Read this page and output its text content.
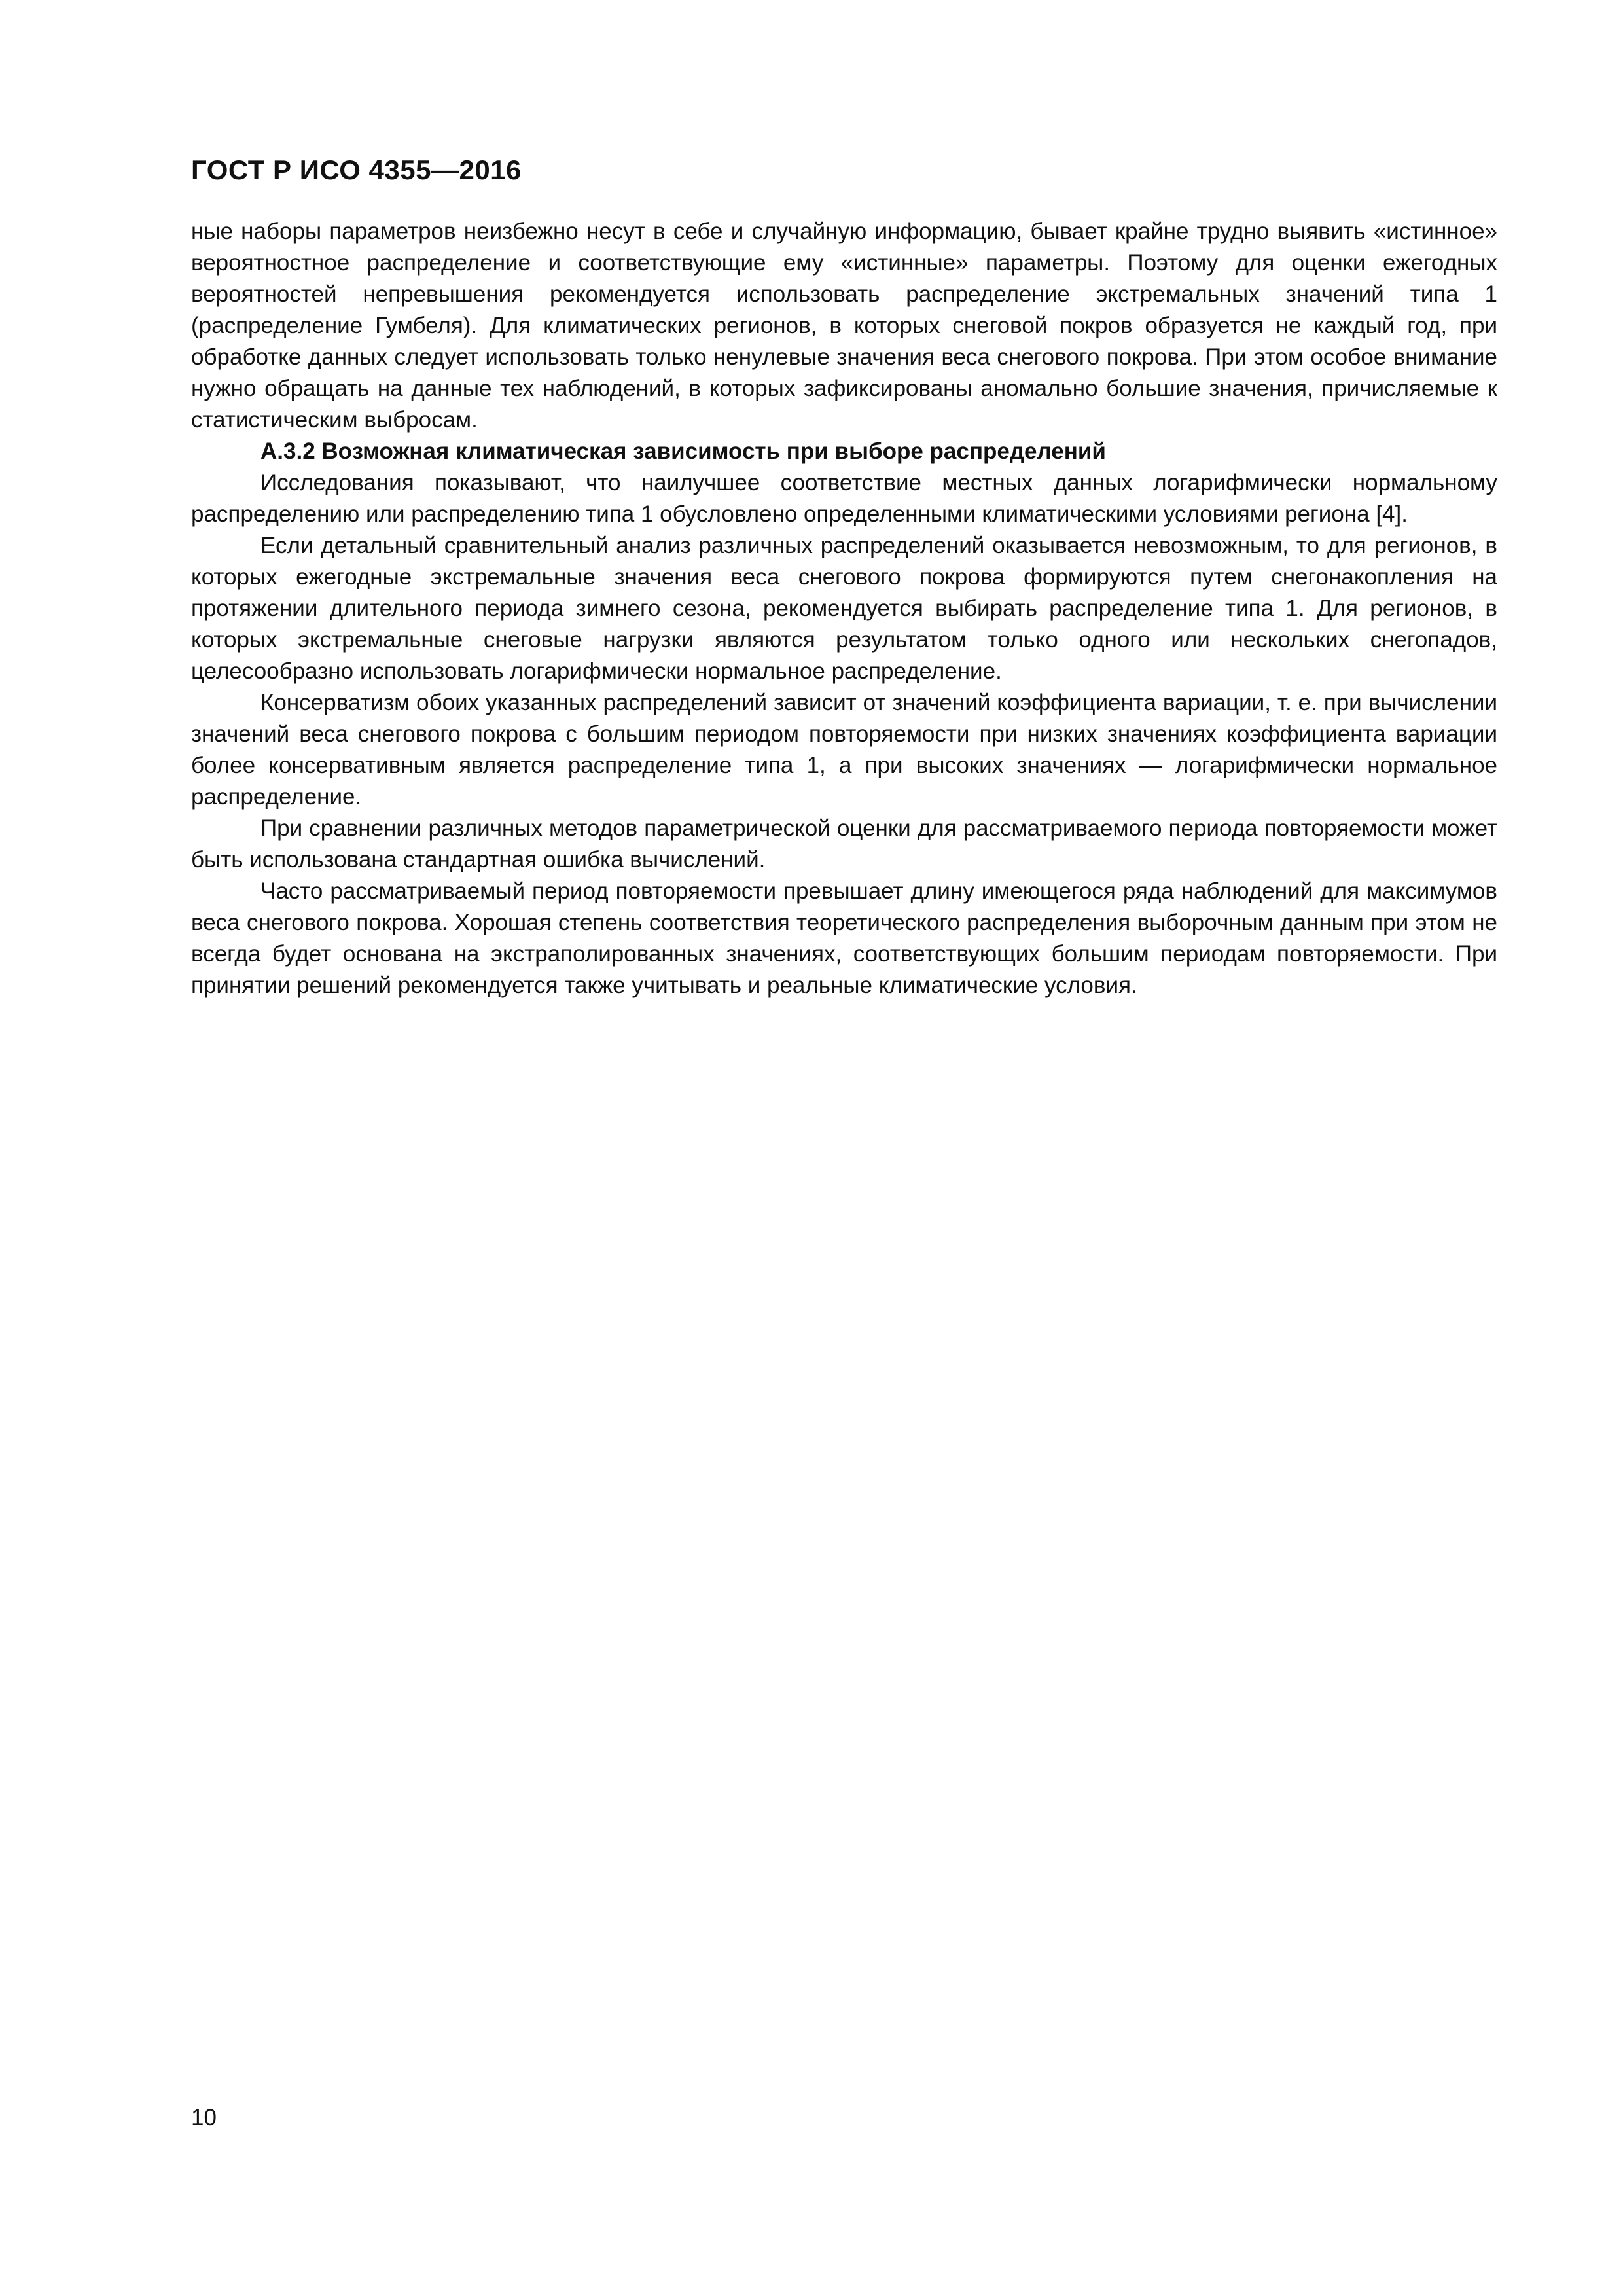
ГОСТ Р ИСО 4355—2016

ные наборы параметров неизбежно несут в себе и случайную информацию, бывает крайне трудно выявить «истинное» вероятностное распределение и соответствующие ему «истинные» параметры. Поэтому для оценки ежегодных вероятностей непревышения рекомендуется использовать распределение экстремальных значений типа 1 (распределение Гумбеля). Для климатических регионов, в которых снеговой покров образуется не каждый год, при обработке данных следует использовать только ненулевые значения веса снегового покрова. При этом особое внимание нужно обращать на данные тех наблюдений, в которых зафиксированы аномально большие значения, причисляемые к статистическим выбросам.

А.3.2 Возможная климатическая зависимость при выборе распределений

Исследования показывают, что наилучшее соответствие местных данных логарифмически нормальному распределению или распределению типа 1 обусловлено определенными климатическими условиями региона [4].

Если детальный сравнительный анализ различных распределений оказывается невозможным, то для регионов, в которых ежегодные экстремальные значения веса снегового покрова формируются путем снегонакопления на протяжении длительного периода зимнего сезона, рекомендуется выбирать распределение типа 1. Для регионов, в которых экстремальные снеговые нагрузки являются результатом только одного или нескольких снегопадов, целесообразно использовать логарифмически нормальное распределение.

Консерватизм обоих указанных распределений зависит от значений коэффициента вариации, т. е. при вычислении значений веса снегового покрова с большим периодом повторяемости при низких значениях коэффициента вариации более консервативным является распределение типа 1, а при высоких значениях — логарифмически нормальное распределение.

При сравнении различных методов параметрической оценки для рассматриваемого периода повторяемости может быть использована стандартная ошибка вычислений.

Часто рассматриваемый период повторяемости превышает длину имеющегося ряда наблюдений для максимумов веса снегового покрова. Хорошая степень соответствия теоретического распределения выборочным данным при этом не всегда будет основана на экстраполированных значениях, соответствующих большим периодам повторяемости. При принятии решений рекомендуется также учитывать и реальные климатические условия.

10
